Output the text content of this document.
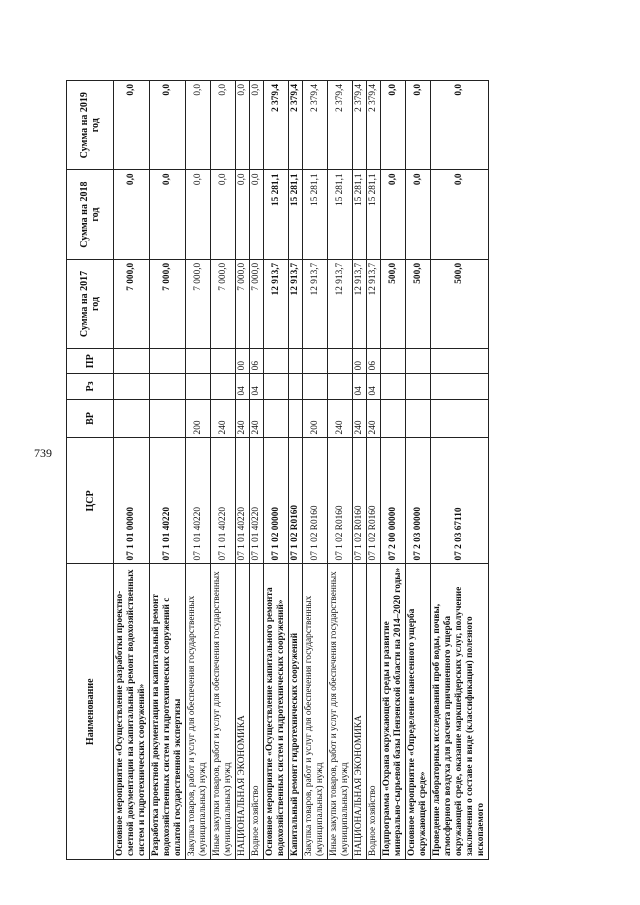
739
Наименование	ЦСР	ВР	Рз	ПР	Сумма на 2017 год	Сумма на 2018 год	Сумма на 2019 год
Основное мероприятие «Осуществление разработки проектно-сметной документации на капитальный ремонт водохозяйственных систем и гидротехнических сооружений»	07 1 01 00000				7 000,0	0,0	0,0
Разработка проектной документации на капитальный ремонт водохозяйственных систем и гидротехнических сооружений с оплатой государственной экспертизы	07 1 01 40220				7 000,0	0,0	0,0
Закупка товаров, работ и услуг для обеспечения государственных (муниципальных) нужд	07 1 01 40220	200			7 000,0	0,0	0,0
Иные закупки товаров, работ и услуг для обеспечения государственных (муниципальных) нужд	07 1 01 40220	240			7 000,0	0,0	0,0
НАЦИОНАЛЬНАЯ ЭКОНОМИКА	07 1 01 40220	240	04	00	7 000,0	0,0	0,0
Водное хозяйство	07 1 01 40220	240	04	06	7 000,0	0,0	0,0
Основное мероприятие «Осуществление капитального ремонта водохозяйственных систем и гидротехнических сооружений»	07 1 02 00000				12 913,7	15 281,1	2 379,4
Капитальный ремонт гидротехнических сооружений	07 1 02 R0160				12 913,7	15 281,1	2 379,4
Закупка товаров, работ и услуг для обеспечения государственных (муниципальных) нужд	07 1 02 R0160	200			12 913,7	15 281,1	2 379,4
Иные закупки товаров, работ и услуг для обеспечения государственных (муниципальных) нужд	07 1 02 R0160	240			12 913,7	15 281,1	2 379,4
НАЦИОНАЛЬНАЯ ЭКОНОМИКА	07 1 02 R0160	240	04	00	12 913,7	15 281,1	2 379,4
Водное хозяйство	07 1 02 R0160	240	04	06	12 913,7	15 281,1	2 379,4
Подпрограмма «Охрана окружающей среды и развитие минерально-сырьевой базы Пензенской области на 2014–2020 годы»	07 2 00 00000				500,0	0,0	0,0
Основное мероприятие «Определение нанесенного ущерба окружающей среде»	07 2 03 00000				500,0	0,0	0,0
Проведение лабораторных исследований проб воды, почвы, атмосферного воздуха для расчета причиненного ущерба окружающей среде, оказание маркшейдерских услуг, получение заключения о составе и виде (классификации) полезного ископаемого	07 2 03 67110				500,0	0,0	0,0
